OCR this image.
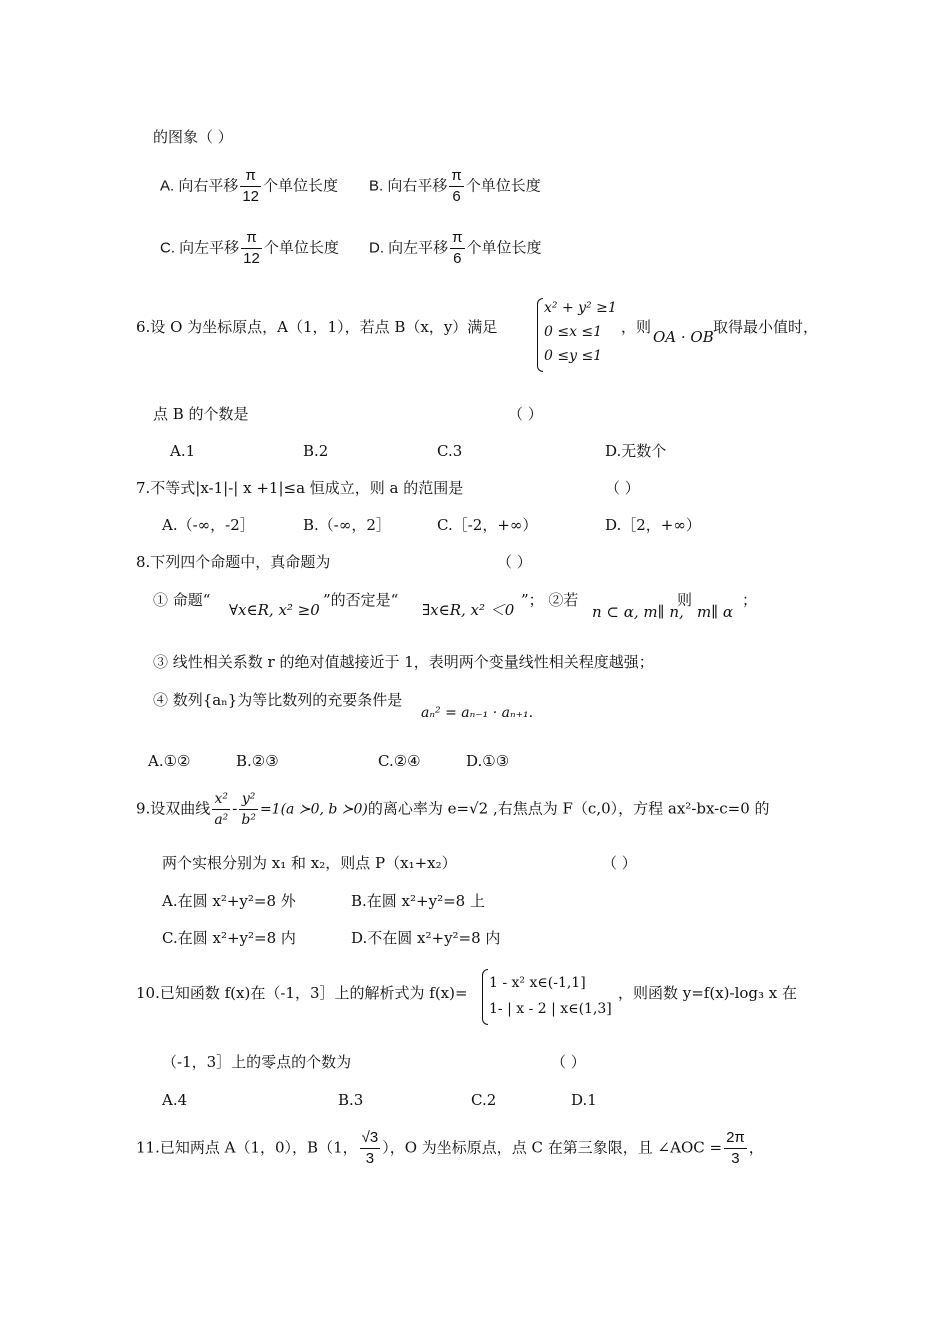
的图象（ ）
A. 向右平移 $\frac{\pi}{12}$ 个单位长度 B. 向右平移 $\frac{\pi}{6}$ 个单位长度
C. 向左平移 $\frac{\pi}{12}$ 个单位长度 D. 向左平移 $\frac{\pi}{6}$ 个单位长度
6.设 O 为坐标原点，A（1，1），若点 B（x，y）满足
x² + y² ≥1
0 ≤x ≤1
0 ≤y ≤1
，则
OA · OB
取得最小值时，
点 B 的个数是	（ ）
A.1	B.2	C.3	D.无数个
7.不等式|x-1|-| x +1|≤a 恒成立，则 a 的范围是	（ ）
A.（-∞，-2］	B.（-∞，2］	C.［-2，+∞）	D.［2，+∞）
8.下列四个命题中，真命题为	（ ）
① 命题“
∀x∈R, x² ≥0
”的否定是“
∃x∈R, x² ＜0
”； ②若
n ⊂ α, m∥ n,
则
m∥ α
；
③ 线性相关系数 r 的绝对值越接近于 1，表明两个变量线性相关程度越强；
④ 数列{aₙ}为等比数列的充要条件是
aₙ² = aₙ₋₁ · aₙ₊₁.
A.①②	B.②③	C.②④	D.①③
9.设双曲线 $\frac{\text{x²}}{\text{a²}} - \frac{\text{y²}}{\text{b²}} =1(a$ ≻0, b ≻0)的离心率为 e=√2 ,右焦点为 F（c,0），方程 ax²-bx-c=0 的
两个实根分别为 x₁ 和 x₂，则点 P（x₁+x₂）	（ ）
A.在圆 x²+y²=8 外	B.在圆 x²+y²=8 上
C.在圆 x²+y²=8 内	D.不在圆 x²+y²=8 内
10.已知函数 f(x)在（-1，3］上的解析式为 f(x)=
1 - x² x∈(-1,1]
1- | x - 2 | x∈(1,3]
，则函数 y=f(x)-log₃ x 在
（-1，3］上的零点的个数为	（ ）
A.4	B.3	C.2	D.1
11.已知两点 A（1，0），B（1， $\frac{√3}{3}$ ），O 为坐标原点，点 C 在第三象限，且 ∠AOC = $\frac{2\pi}{3}$ ，
